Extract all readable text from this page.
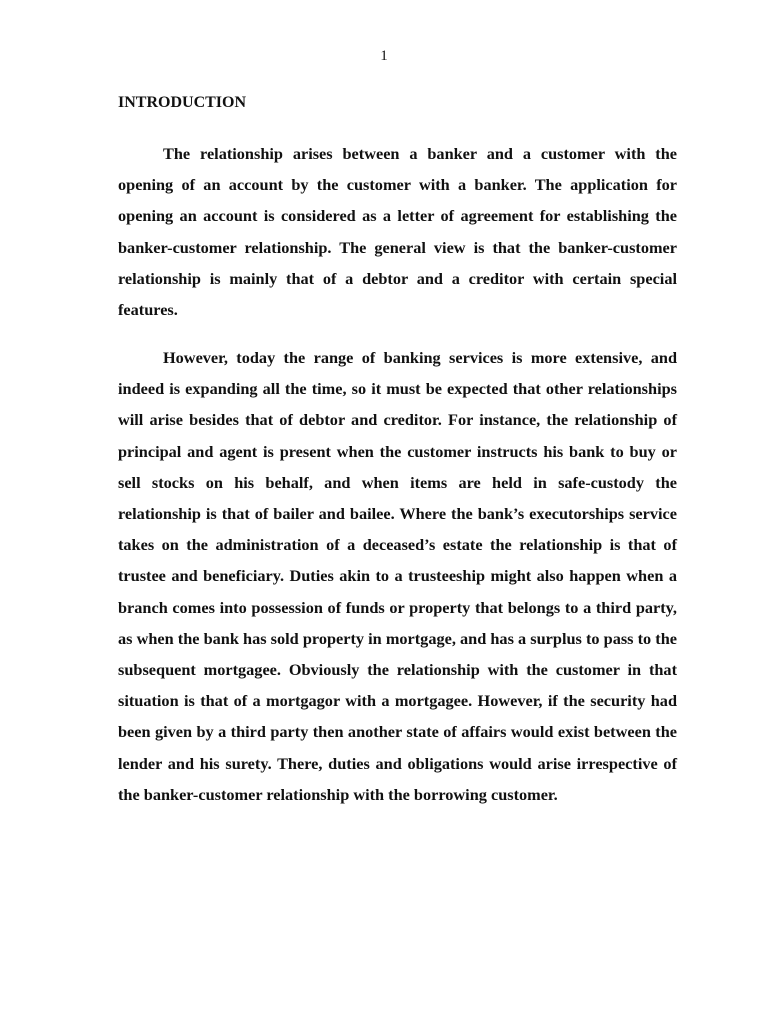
1
INTRODUCTION

The relationship arises between a banker and a customer with the opening of an account by the customer with a banker. The application for opening an account is considered as a letter of agreement for establishing the banker-customer relationship. The general view is that the banker-customer relationship is mainly that of a debtor and a creditor with certain special features.

However, today the range of banking services is more extensive, and indeed is expanding all the time, so it must be expected that other relationships will arise besides that of debtor and creditor. For instance, the relationship of principal and agent is present when the customer instructs his bank to buy or sell stocks on his behalf, and when items are held in safe-custody the relationship is that of bailer and bailee. Where the bank’s executorships service takes on the administration of a deceased’s estate the relationship is that of trustee and beneficiary. Duties akin to a trusteeship might also happen when a branch comes into possession of funds or property that belongs to a third party, as when the bank has sold property in mortgage, and has a surplus to pass to the subsequent mortgagee. Obviously the relationship with the customer in that situation is that of a mortgagor with a mortgagee. However, if the security had been given by a third party then another state of affairs would exist between the lender and his surety. There, duties and obligations would arise irrespective of the banker-customer relationship with the borrowing customer.
